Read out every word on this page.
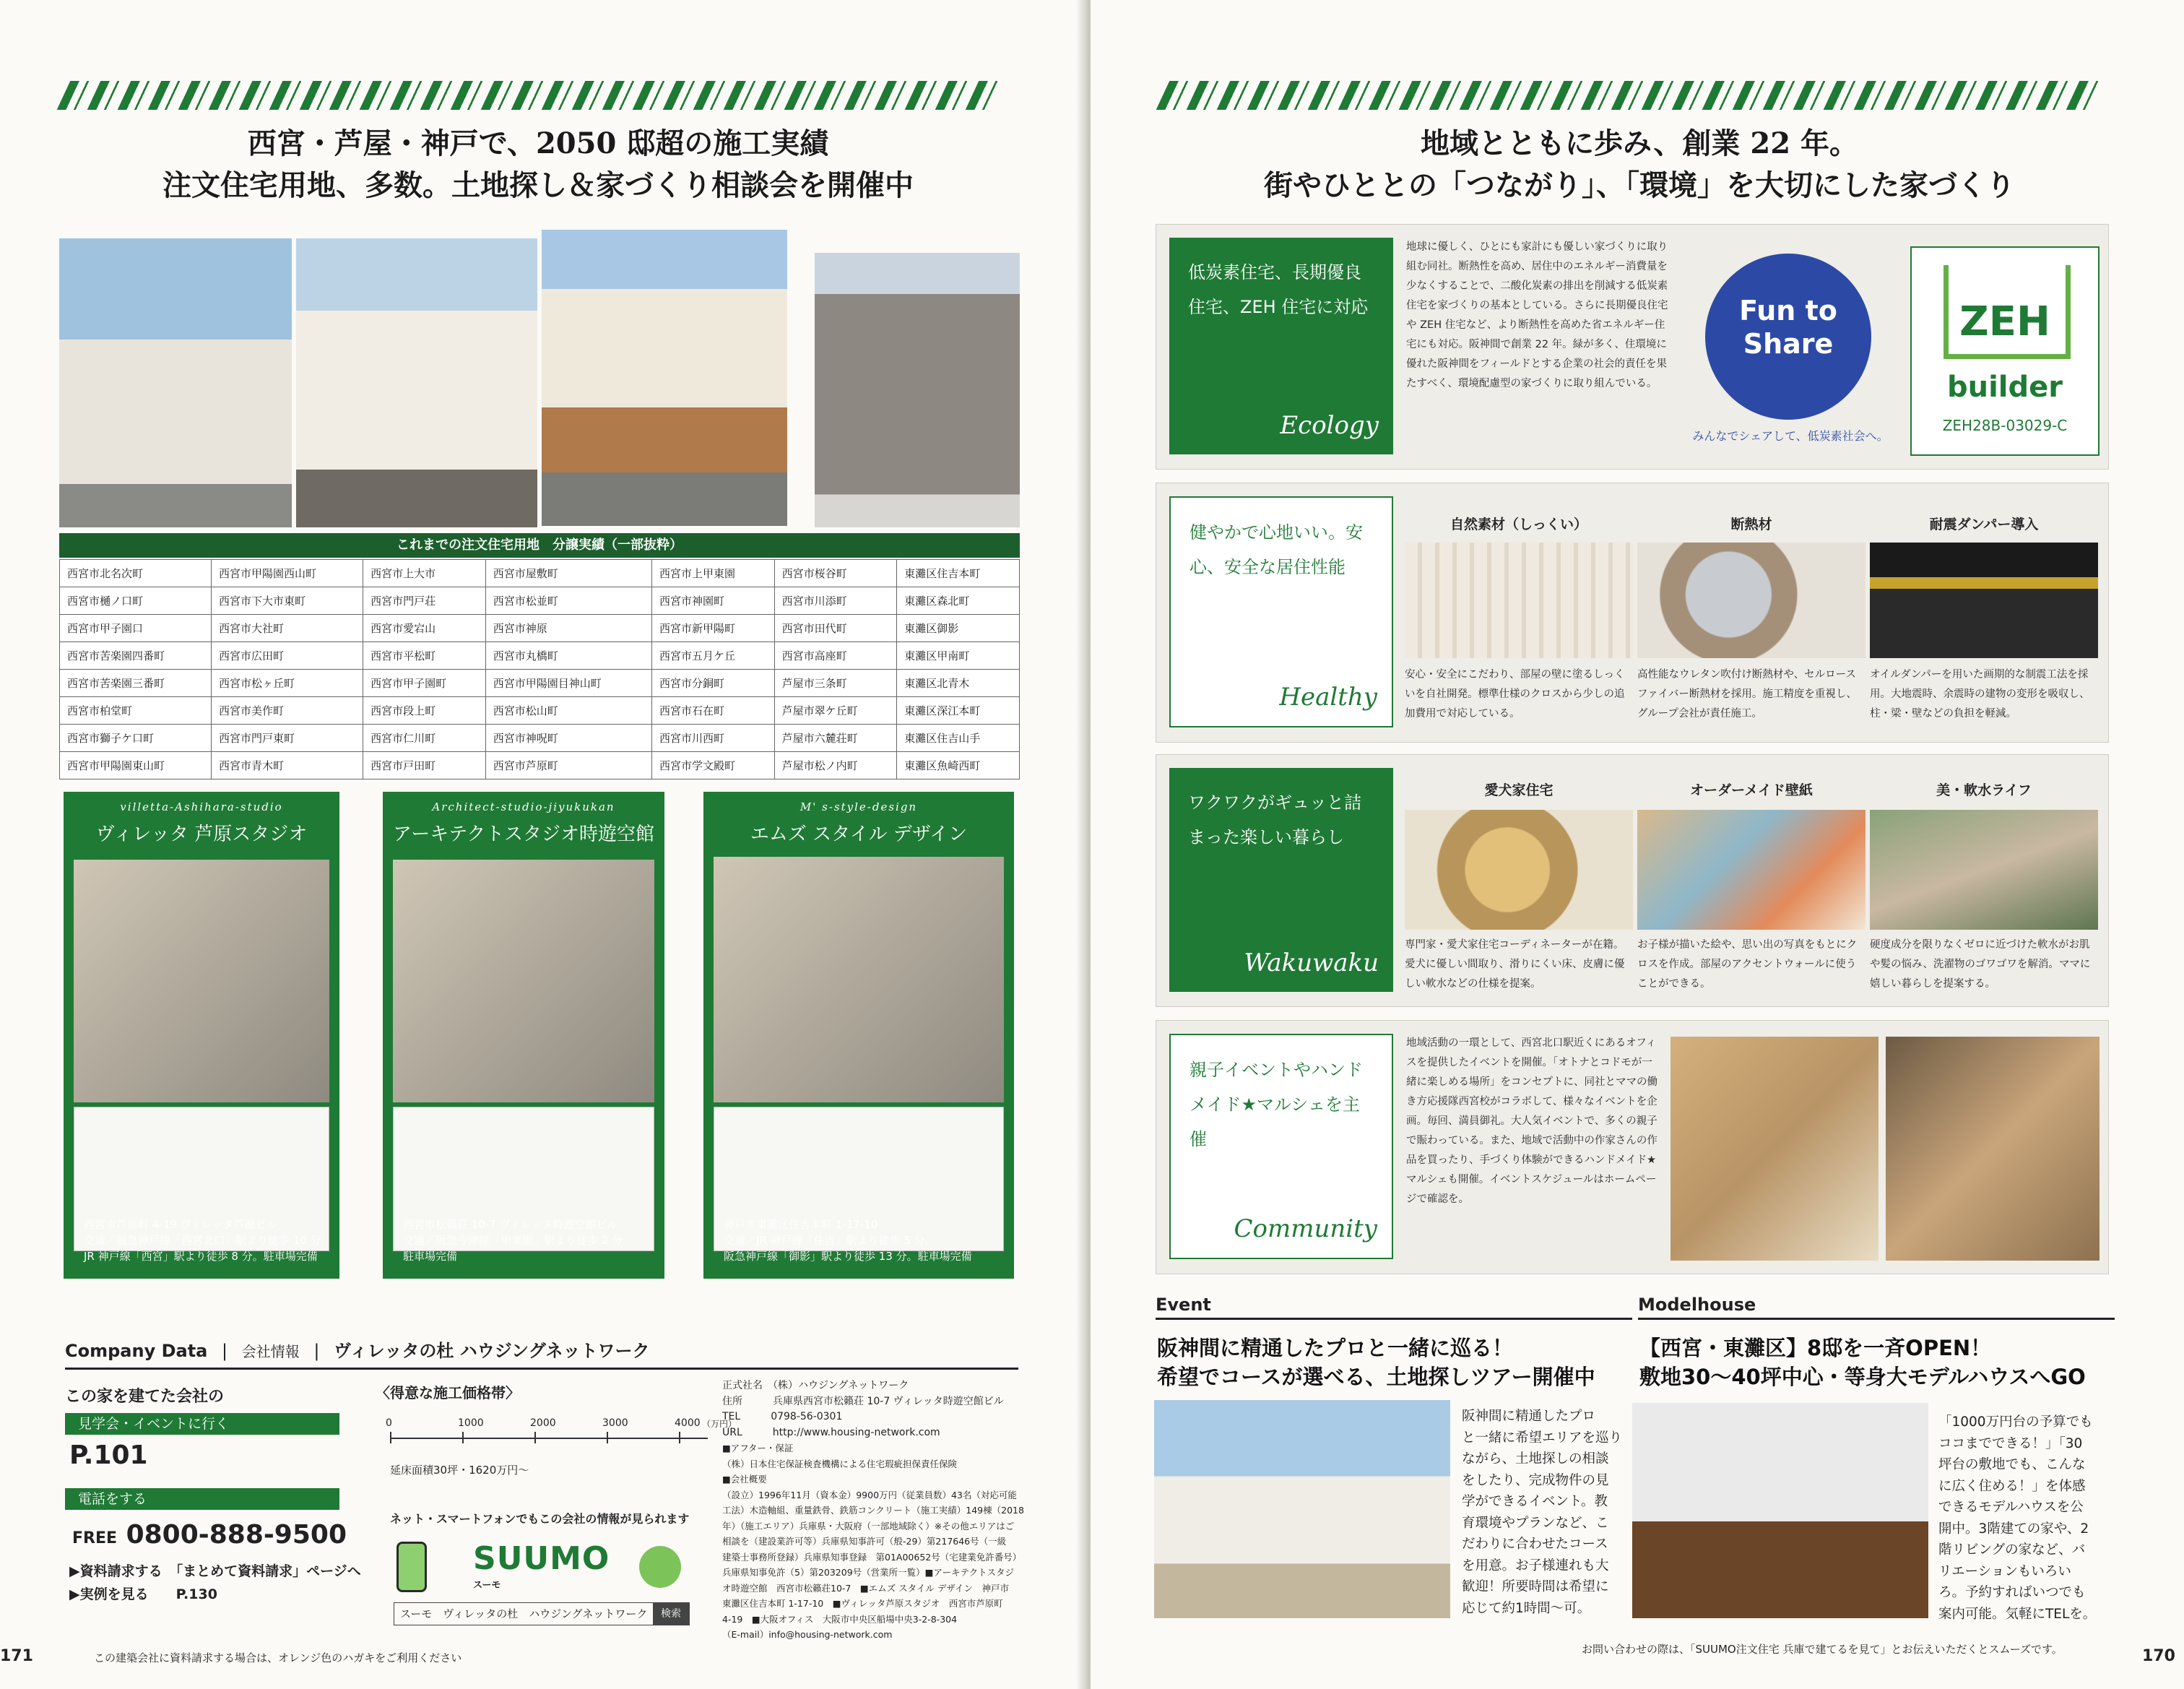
西宮・芦屋・神戸で、2050 邸超の施工実績
注文住宅用地、多数。土地探し＆家づくり相談会を開催中
これまでの注文住宅用地　分譲実績（一部抜粋）
西宮市北名次町	西宮市甲陽園西山町	西宮市上大市	西宮市屋敷町	西宮市上甲東園	西宮市桜谷町	東灘区住吉本町
西宮市樋ノ口町	西宮市下大市東町	西宮市門戸荘	西宮市松並町	西宮市神園町	西宮市川添町	東灘区森北町
西宮市甲子園口	西宮市大社町	西宮市愛宕山	西宮市神原	西宮市新甲陽町	西宮市田代町	東灘区御影
西宮市苦楽園四番町	西宮市広田町	西宮市平松町	西宮市丸橋町	西宮市五月ケ丘	西宮市高座町	東灘区甲南町
西宮市苦楽園三番町	西宮市松ヶ丘町	西宮市甲子園町	西宮市甲陽園目神山町	西宮市分銅町	芦屋市三条町	東灘区北青木
西宮市柏堂町	西宮市美作町	西宮市段上町	西宮市松山町	西宮市石在町	芦屋市翠ケ丘町	東灘区深江本町
西宮市獅子ケ口町	西宮市門戸東町	西宮市仁川町	西宮市神呪町	西宮市川西町	芦屋市六麓荘町	東灘区住吉山手
西宮市甲陽園東山町	西宮市青木町	西宮市戸田町	西宮市芦原町	西宮市学文殿町	芦屋市松ノ内町	東灘区魚崎西町
villetta-Ashihara-studio
ヴィレッタ 芦原スタジオ
西宮市芦原町 4-19 ヴィレッタ芦原ビル
交通／阪急神戸線「西宮北口」駅より徒歩 10 分
JR 神戸線「西宮」駅より徒歩 8 分。駐車場完備
Architect-studio-jiyukukan
アーキテクトスタジオ時遊空館
西宮市松籟荘 10-7 ヴィレッタ時遊空館ビル
交通／阪急今津線「甲東園」駅より徒歩 2 分
駐車場完備
M' s-style-design
エムズ スタイル デザイン
神戸市東灘区住吉本町 1-17-10
交通／JR 神戸線「住吉」駅より徒歩 5 分。
阪急神戸線「御影」駅より徒歩 13 分。駐車場完備
Company Data | 会社情報 | ヴィレッタの杜 ハウジングネットワーク
この家を建てた会社の
見学会・イベントに行く
P.101
電話をする
FREE 0800-888-9500
▶資料請求する　「まとめて資料請求」ページへ
▶実例を見る　　P.130
〈得意な施工価格帯〉
0	1000	2000	3000	4000 （万円）
延床面積30坪・1620万円〜
ネット・スマートフォンでもこの会社の情報が見られます
SUUMO
スーモ
スーモ　ヴィレッタの杜　ハウジングネットワーク	検索
正式社名　（株）ハウジングネットワーク
住所　　　兵庫県西宮市松籟荘 10-7 ヴィレッタ時遊空館ビル
TEL　　　0798-56-0301
URL　　　http://www.housing-network.com
■アフター・保証
（株）日本住宅保証検査機構による住宅瑕疵担保責任保険
■会社概要
（設立）1996年11月（資本金）9900万円（従業員数）43名（対応可能
工法）木造軸組、重量鉄骨、鉄筋コンクリート（施工実績）149棟（2018
年）（施工エリア）兵庫県・大阪府（一部地域除く）※その他エリアはご
相談を（建設業許可等）兵庫県知事許可（般-29）第217646号（一級
建築士事務所登録）兵庫県知事登録　第01A00652号（宅建業免許番号）
兵庫県知事免許（5）第203209号（営業所一覧）■アーキテクトスタジ
オ時遊空館　西宮市松籟荘10-7　■エムズ スタイル デザイン　神戸市
東灘区住吉本町 1-17-10　■ヴィレッタ芦原スタジオ　西宮市芦原町
4-19　■大阪オフィス　大阪市中央区船場中央3-2-8-304
（E-mail）info@housing-network.com
この建築会社に資料請求する場合は、オレンジ色のハガキをご利用ください
171
地域とともに歩み、創業 22 年。
街やひととの「つながり」、「環境」を大切にした家づくり
低炭素住宅、長期優良住宅、ZEH 住宅に対応
Ecology
地球に優しく、ひとにも家計にも優しい家づくりに取り組む同社。断熱性を高め、居住中のエネルギー消費量を少なくすることで、二酸化炭素の排出を削減する低炭素住宅を家づくりの基本としている。さらに長期優良住宅や ZEH 住宅など、より断熱性を高めた省エネルギー住宅にも対応。阪神間で創業 22 年。緑が多く、住環境に優れた阪神間をフィールドとする企業の社会的責任を果たすべく、環境配慮型の家づくりに取り組んでいる。
Fun to Share
みんなでシェアして、低炭素社会へ。
ZEH
builder
ZEH28B-03029-C
健やかで心地いい。安心、安全な居住性能
Healthy
自然素材（しっくい）	断熱材	耐震ダンパー導入
安心・安全にこだわり、部屋の壁に塗るしっくいを自社開発。標準仕様のクロスから少しの追加費用で対応している。
高性能なウレタン吹付け断熱材や、セルロースファイバー断熱材を採用。施工精度を重視し、グループ会社が責任施工。
オイルダンパーを用いた画期的な制震工法を採用。大地震時、余震時の建物の変形を吸収し、柱・梁・壁などの負担を軽減。
ワクワクがギュッと詰まった楽しい暮らし
Wakuwaku
愛犬家住宅	オーダーメイド壁紙	美・軟水ライフ
専門家・愛犬家住宅コーディネーターが在籍。愛犬に優しい間取り、滑りにくい床、皮膚に優しい軟水などの仕様を提案。
お子様が描いた絵や、思い出の写真をもとにクロスを作成。部屋のアクセントウォールに使うことができる。
硬度成分を限りなくゼロに近づけた軟水がお肌や髪の悩み、洗濯物のゴワゴワを解消。ママに嬉しい暮らしを提案する。
親子イベントやハンドメイド★マルシェを主催
Community
地域活動の一環として、西宮北口駅近くにあるオフィスを提供したイベントを開催。「オトナとコドモが一緒に楽しめる場所」をコンセプトに、同社とママの働き方応援隊西宮校がコラボして、様々なイベントを企画。毎回、満員御礼。大人気イベントで、多くの親子で賑わっている。また、地域で活動中の作家さんの作品を買ったり、手づくり体験ができるハンドメイド★マルシェも開催。イベントスケジュールはホームページで確認を。
Event	Modelhouse
阪神間に精通したプロと一緒に巡る！
希望でコースが選べる、土地探しツアー開催中
【西宮・東灘区】8邸を一斉OPEN！
敷地30〜40坪中心・等身大モデルハウスへGO
阪神間に精通したプロ
と一緒に希望エリアを巡り
ながら、土地探しの相談
をしたり、完成物件の見
学ができるイベント。教
育環境やプランなど、こ
だわりに合わせたコース
を用意。お子様連れも大
歓迎！所要時間は希望に
応じて約1時間〜可。
「1000万円台の予算でも
ココまでできる！」「30
坪台の敷地でも、こんな
に広く住める！」を体感
できるモデルハウスを公
開中。3階建ての家や、2
階リビングの家など、バ
リエーションもいろい
ろ。予約すればいつでも
案内可能。気軽にTELを。
お問い合わせの際は、「SUUMO注文住宅 兵庫で建てるを見て」とお伝えいただくとスムーズです。	170
